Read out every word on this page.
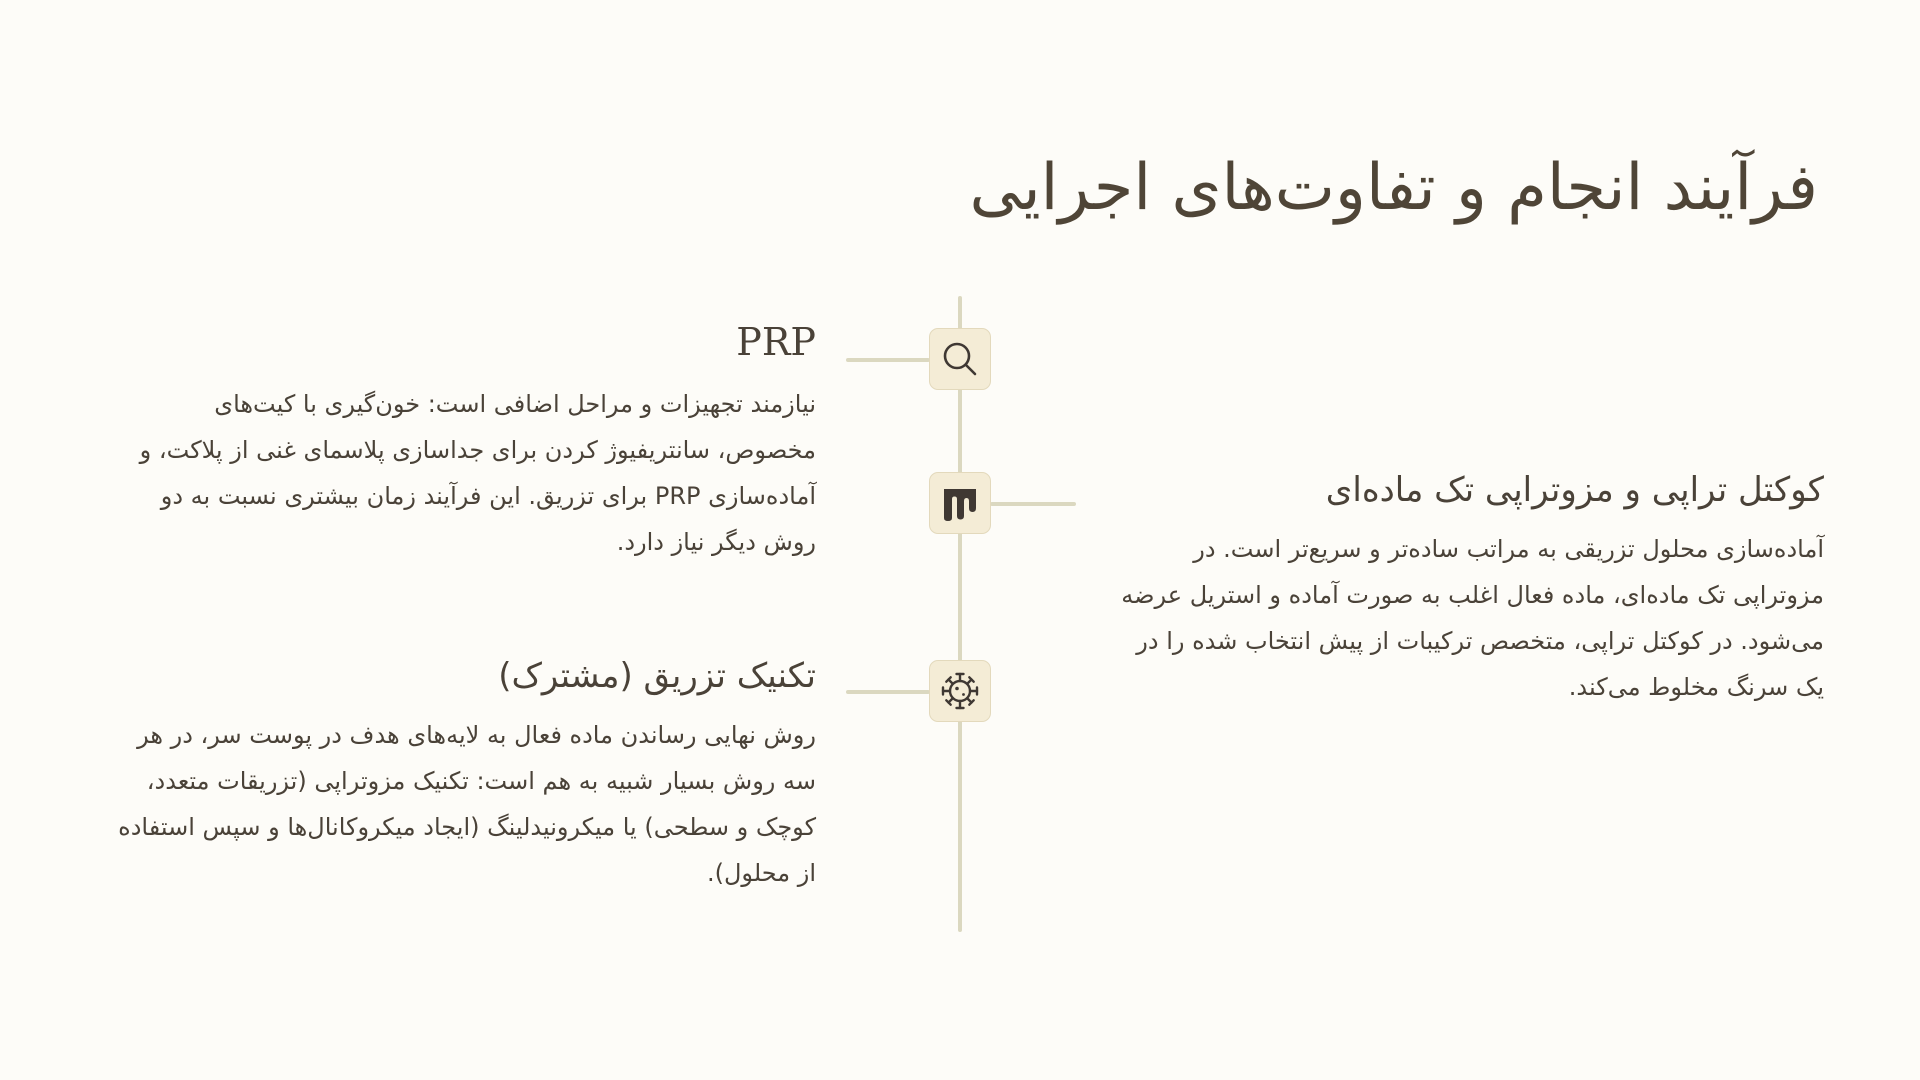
فرآیند انجام و تفاوت‌های اجرایی
PRP

نیازمند تجهیزات و مراحل اضافی است: خون‌گیری با کیت‌های مخصوص، سانتریفیوژ کردن برای جداسازی پلاسمای غنی از پلاکت، و آماده‌سازی PRP برای تزریق. این فرآیند زمان بیشتری نسبت به دو روش دیگر نیاز دارد.

کوکتل تراپی و مزوتراپی تک ماده‌ای

آماده‌سازی محلول تزریقی به مراتب ساده‌تر و سریع‌تر است. در مزوتراپی تک ماده‌ای، ماده فعال اغلب به صورت آماده و استریل عرضه می‌شود. در کوکتل تراپی، متخصص ترکیبات از پیش انتخاب شده را در یک سرنگ مخلوط می‌کند.

تکنیک تزریق (مشترک)

روش نهایی رساندن ماده فعال به لایه‌های هدف در پوست سر، در هر سه روش بسیار شبیه به هم است: تکنیک مزوتراپی (تزریقات متعدد، کوچک و سطحی) یا میکرونیدلینگ (ایجاد میکروکانال‌ها و سپس استفاده از محلول).
